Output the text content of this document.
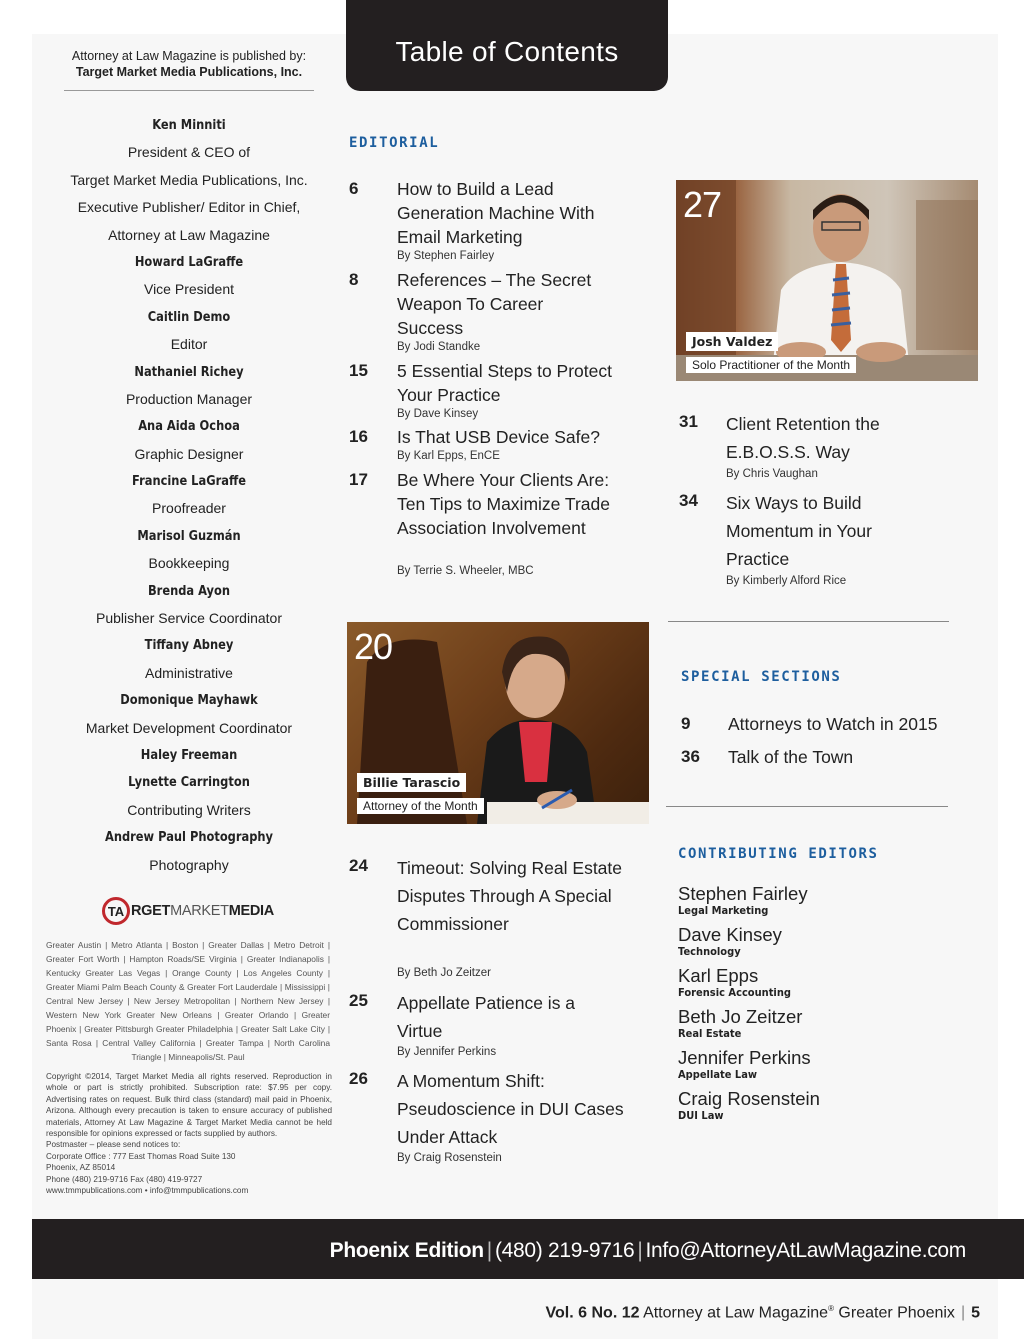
Attorney at Law Magazine is published by:
Target Market Media Publications, Inc.
Ken Minniti
President & CEO of
Target Market Media Publications, Inc.
Executive Publisher/ Editor in Chief,
Attorney at Law Magazine
Howard LaGraffe
Vice President
Caitlin Demo
Editor
Nathaniel Richey
Production Manager
Ana Aida Ochoa
Graphic Designer
Francine LaGraffe
Proofreader
Marisol Guzmán
Bookkeeping
Brenda Ayon
Publisher Service Coordinator
Tiffany Abney
Administrative
Domonique Mayhawk
Market Development Coordinator
Haley Freeman
Lynette Carrington
Contributing Writers
Andrew Paul Photography
Photography
TA RGETMARKETMEDIA
Greater Austin | Metro Atlanta | Boston | Greater Dallas | Metro Detroit | Greater Fort Worth | Hampton Roads/SE Virginia | Greater Indianapolis | Kentucky Greater Las Vegas | Orange County | Los Angeles County | Greater Miami Palm Beach County & Greater Fort Lauderdale | Mississippi | Central New Jersey | New Jersey Metropolitan | Northern New Jersey | Western New York Greater New Orleans | Greater Orlando | Greater Phoenix | Greater Pittsburgh Greater Philadelphia | Greater Salt Lake City | Santa Rosa | Central Valley California | Greater Tampa | North Carolina Triangle | Minneapolis/St. Paul

Copyright ©2014, Target Market Media all rights reserved. Reproduction in whole or part is strictly prohibited. Subscription rate: $7.95 per copy. Advertising rates on request. Bulk third class (standard) mail paid in Phoenix, Arizona. Although every precaution is taken to ensure accuracy of published materials, Attorney At Law Magazine & Target Market Media cannot be held responsible for opinions expressed or facts supplied by authors.

Postmaster – please send notices to:
Corporate Office : 777 East Thomas Road Suite 130
Phoenix, AZ 85014
Phone (480) 219-9716 Fax (480) 419-9727
www.tmmpublications.com • info@tmmpublications.com
Table of Contents
EDITORIAL
6 How to Build a Lead Generation Machine With Email Marketing
By Stephen Fairley
8 References – The Secret Weapon To Career Success
By Jodi Standke
15 5 Essential Steps to Protect Your Practice
By Dave Kinsey
16 Is That USB Device Safe?
By Karl Epps, EnCE
17 Be Where Your Clients Are: Ten Tips to Maximize Trade Association Involvement
By Terrie S. Wheeler, MBC
27
Josh Valdez
Solo Practitioner of the Month
31 Client Retention the E.B.O.S.S. Way
By Chris Vaughan
34 Six Ways to Build Momentum in Your Practice
By Kimberly Alford Rice
20
Billie Tarascio
Attorney of the Month
24 Timeout: Solving Real Estate Disputes Through A Special Commissioner
By Beth Jo Zeitzer
25 Appellate Patience is a Virtue
By Jennifer Perkins
26 A Momentum Shift: Pseudoscience in DUI Cases Under Attack
By Craig Rosenstein
SPECIAL SECTIONS
9 Attorneys to Watch in 2015
36 Talk of the Town
CONTRIBUTING EDITORS
Stephen Fairley
Legal Marketing
Dave Kinsey
Technology
Karl Epps
Forensic Accounting
Beth Jo Zeitzer
Real Estate
Jennifer Perkins
Appellate Law
Craig Rosenstein
DUI Law
Phoenix Edition | (480) 219-9716 | Info@AttorneyAtLawMagazine.com
Vol. 6 No. 12 Attorney at Law Magazine® Greater Phoenix | 5
